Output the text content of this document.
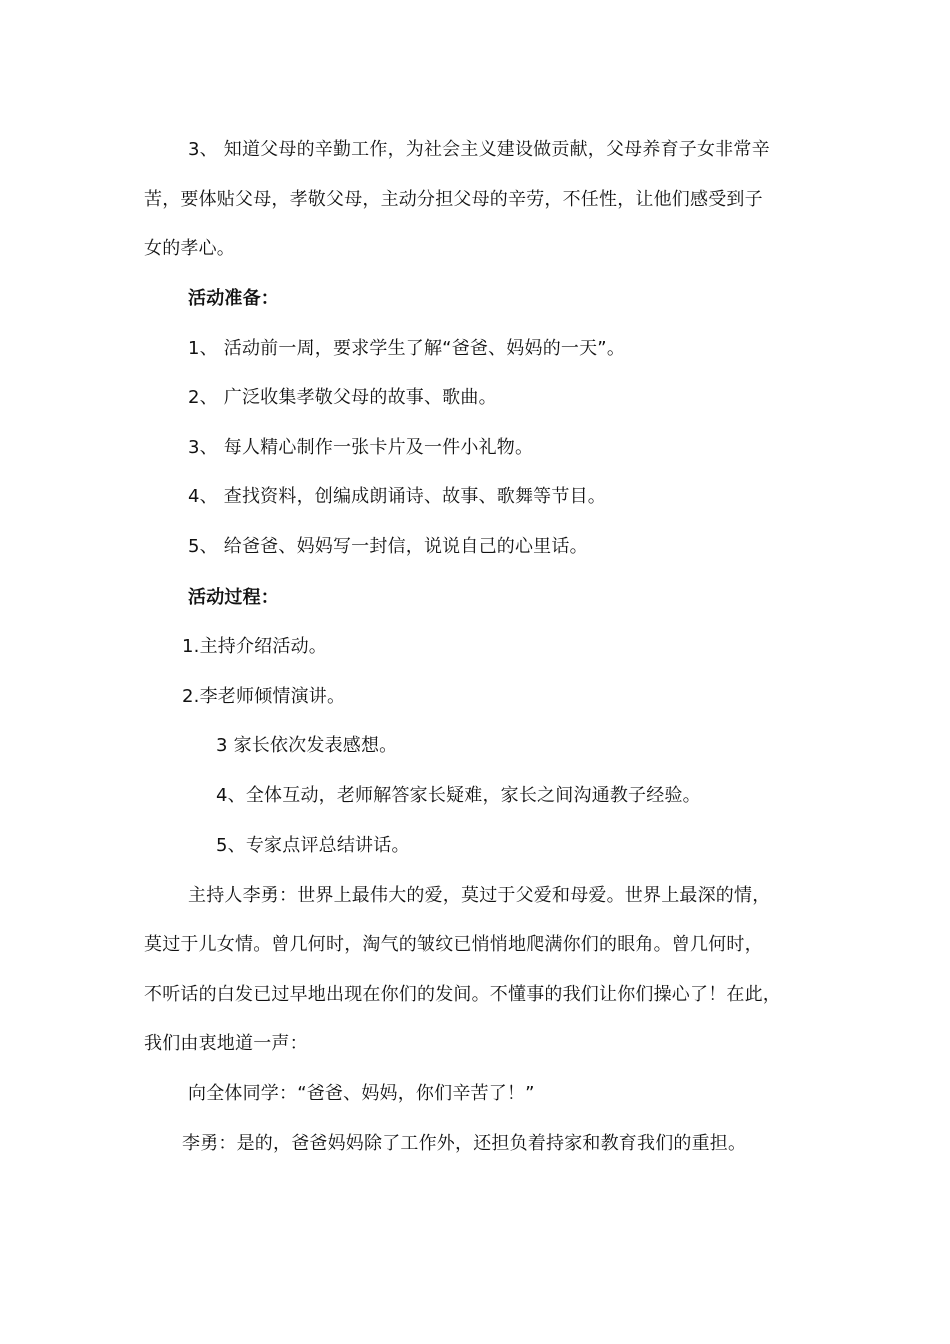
3、 知道父母的辛勤工作，为社会主义建设做贡献，父母养育子女非常辛
苦，要体贴父母，孝敬父母，主动分担父母的辛劳，不任性，让他们感受到子
女的孝心。
活动准备：
1、 活动前一周，要求学生了解“爸爸、妈妈的一天”。
2、 广泛收集孝敬父母的故事、歌曲。
3、 每人精心制作一张卡片及一件小礼物。
4、 查找资料，创编成朗诵诗、故事、歌舞等节目。
5、 给爸爸、妈妈写一封信，说说自己的心里话。
活动过程：
1.主持介绍活动。
2.李老师倾情演讲。
3 家长依次发表感想。
4、全体互动，老师解答家长疑难，家长之间沟通教子经验。
5、专家点评总结讲话。
主持人李勇：世界上最伟大的爱，莫过于父爱和母爱。世界上最深的情，
莫过于儿女情。曾几何时，淘气的皱纹已悄悄地爬满你们的眼角。曾几何时，
不听话的白发已过早地出现在你们的发间。不懂事的我们让你们操心了！在此，
我们由衷地道一声：
向全体同学：“爸爸、妈妈，你们辛苦了！”
李勇：是的，爸爸妈妈除了工作外，还担负着持家和教育我们的重担。
